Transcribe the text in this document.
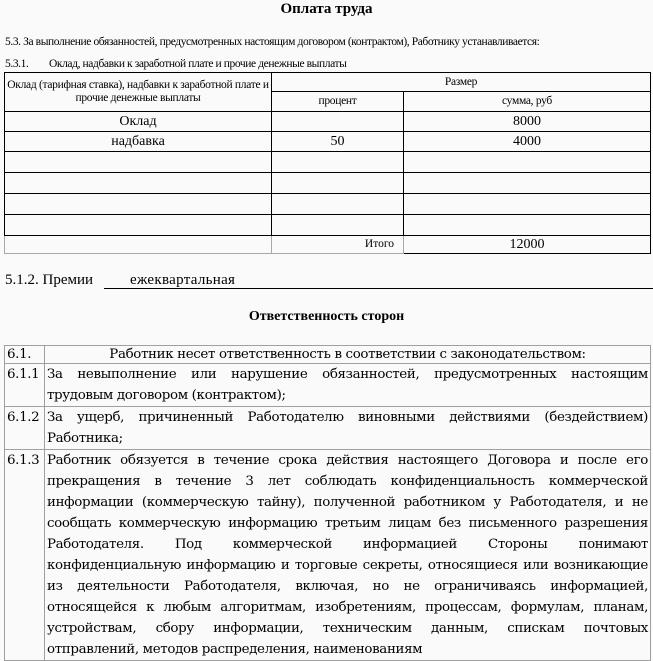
Оплата труда
5.3. За выполнение обязанностей, предусмотренных настоящим договором (контрактом), Работнику устанавливается:
5.3.1. Оклад, надбавки к заработной плате и прочие денежные выплаты
Оклад (тарифная ставка), надбавки к заработной плате и прочие денежные выплаты	Размер	
	процент	сумма, руб
Оклад		8000
надбавка	50	4000

	Итого	12000
5.1.2. Премии ежеквартальная
Ответственность сторон
6.1.	Работник несет ответственность в соответствии с законодательством:
6.1.1	За невыполнение или нарушение обязанностей, предусмотренных настоящим трудовым договором (контрактом);
6.1.2	За ущерб, причиненный Работодателю виновными действиями (бездействием) Работника;
6.1.3	Работник обязуется в течение срока действия настоящего Договора и после его прекращения в течение 3 лет соблюдать конфиденциальность коммерческой информации (коммерческую тайну), полученной работником у Работодателя, и не сообщать коммерческую информацию третьим лицам без письменного разрешения Работодателя. Под коммерческой информацией Стороны понимают конфиденциальную информацию и торговые секреты, относящиеся или возникающие из деятельности Работодателя, включая, но не ограничиваясь информацией, относящейся к любым алгоритмам, изобретениям, процессам, формулам, планам, устройствам, сбору информации, техническим данным, спискам почтовых отправлений, методов распределения, наименованиям
